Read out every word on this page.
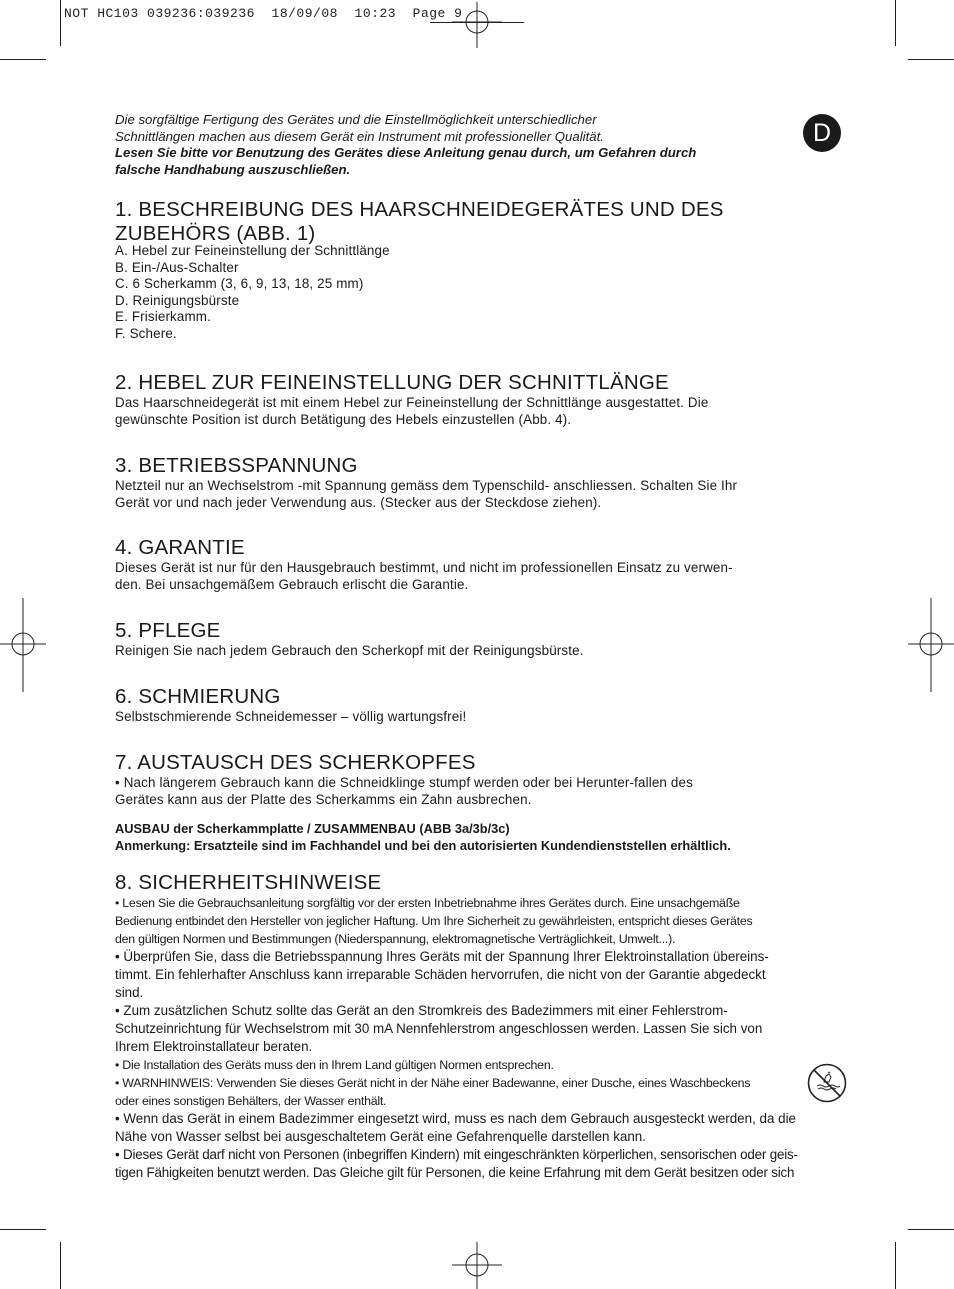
NOT HC103 039236:039236  18/09/08  10:23  Page 9
D

Die sorgfältige Fertigung des Gerätes und die Einstellmöglichkeit unterschiedlicher
Schnittlängen machen aus diesem Gerät ein Instrument mit professioneller Qualität.
Lesen Sie bitte vor Benutzung des Gerätes diese Anleitung genau durch, um Gefahren durch
falsche Handhabung auszuschließen.

1. BESCHREIBUNG DES HAARSCHNEIDEGERÄTES UND DES ZUBEHÖRS (ABB. 1)
A. Hebel zur Feineinstellung der Schnittlänge
B. Ein-/Aus-Schalter
C. 6 Scherkamm (3, 6, 9, 13, 18, 25 mm)
D. Reinigungsbürste
E. Frisierkamm.
F. Schere.
2. HEBEL ZUR FEINEINSTELLUNG DER SCHNITTLÄNGE

Das Haarschneidegerät ist mit einem Hebel zur Feineinstellung der Schnittlänge ausgestattet. Die
gewünschte Position ist durch Betätigung des Hebels einzustellen (Abb. 4).

3. BETRIEBSSPANNUNG

Netzteil nur an Wechselstrom -mit Spannung gemäss dem Typenschild- anschliessen. Schalten Sie Ihr
Gerät vor und nach jeder Verwendung aus. (Stecker aus der Steckdose ziehen).

4. GARANTIE

Dieses Gerät ist nur für den Hausgebrauch bestimmt, und nicht im professionellen Einsatz zu verwen-
den. Bei unsachgemäßem Gebrauch erlischt die Garantie.

5. PFLEGE

Reinigen Sie nach jedem Gebrauch den Scherkopf mit der Reinigungsbürste.

6. SCHMIERUNG

Selbstschmierende Schneidemesser – völlig wartungsfrei!

7. AUSTAUSCH DES SCHERKOPFES

• Nach längerem Gebrauch kann die Schneidklinge stumpf werden oder bei Herunter-fallen des
Gerätes kann aus der Platte des Scherkamms ein Zahn ausbrechen.

AUSBAU der Scherkammplatte / ZUSAMMENBAU (ABB 3a/3b/3c)
Anmerkung: Ersatzteile sind im Fachhandel und bei den autorisierten Kundendienststellen erhältlich.

8. SICHERHEITSHINWEISE

• Lesen Sie die Gebrauchsanleitung sorgfältig vor der ersten Inbetriebnahme ihres Gerätes durch. Eine unsachgemäße
Bedienung entbindet den Hersteller von jeglicher Haftung. Um Ihre Sicherheit zu gewährleisten, entspricht dieses Gerätes
den gültigen Normen und Bestimmungen (Niederspannung, elektromagnetische Verträglichkeit, Umwelt...).

• Überprüfen Sie, dass die Betriebsspannung Ihres Geräts mit der Spannung Ihrer Elektroinstallation übereins-
timmt. Ein fehlerhafter Anschluss kann irreparable Schäden hervorrufen, die nicht von der Garantie abgedeckt
sind.

• Zum zusätzlichen Schutz sollte das Gerät an den Stromkreis des Badezimmers mit einer Fehlerstrom-
Schutzeinrichtung für Wechselstrom mit 30 mA Nennfehlerstrom angeschlossen werden. Lassen Sie sich von
Ihrem Elektroinstallateur beraten.

• Die Installation des Geräts muss den in Ihrem Land gültigen Normen entsprechen.

• WARNHINWEIS: Verwenden Sie dieses Gerät nicht in der Nähe einer Badewanne, einer Dusche, eines Waschbeckens
oder eines sonstigen Behälters, der Wasser enthält.

• Wenn das Gerät in einem Badezimmer eingesetzt wird, muss es nach dem Gebrauch ausgesteckt werden, da die
Nähe von Wasser selbst bei ausgeschaltetem Gerät eine Gefahrenquelle darstellen kann.

• Dieses Gerät darf nicht von Personen (inbegriffen Kindern) mit eingeschränkten körperlichen, sensorischen oder geis-
tigen Fähigkeiten benutzt werden. Das Gleiche gilt für Personen, die keine Erfahrung mit dem Gerät besitzen oder sich
